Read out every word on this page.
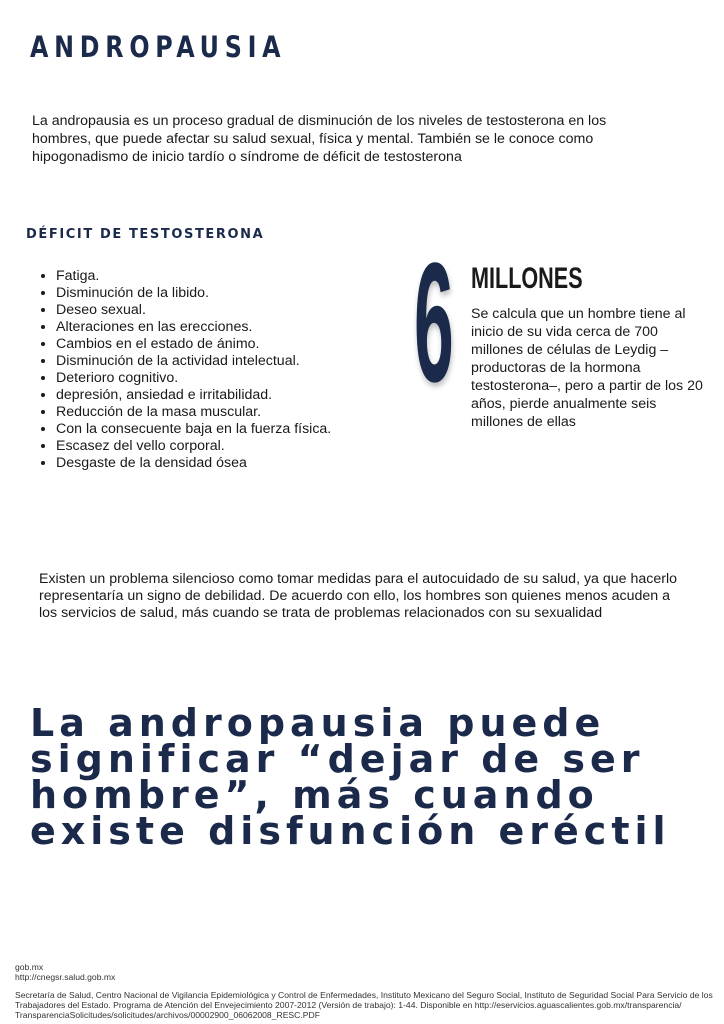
ANDROPAUSIA

La andropausia es un proceso gradual de disminución de los niveles de testosterona en los hombres, que puede afectar su salud sexual, física y mental. También se le conoce como hipogonadismo de inicio tardío o síndrome de déficit de testosterona

DÉFICIT DE TESTOSTERONA
• Fatiga.
• Disminución de la libido.
• Deseo sexual.
• Alteraciones en las erecciones.
• Cambios en el estado de ánimo.
• Disminución de la actividad intelectual.
• Deterioro cognitivo.
• depresión, ansiedad e irritabilidad.
• Reducción de la masa muscular.
• Con la consecuente baja en la fuerza física.
• Escasez del vello corporal.
• Desgaste de la densidad ósea
6 MILLONES

Se calcula que un hombre tiene al inicio de su vida cerca de 700 millones de células de Leydig – productoras de la hormona testosterona–, pero a partir de los 20 años, pierde anualmente seis millones de ellas

Existen un problema silencioso como tomar medidas para el autocuidado de su salud, ya que hacerlo representaría un signo de debilidad. De acuerdo con ello, los hombres son quienes menos acuden a los servicios de salud, más cuando se trata de problemas relacionados con su sexualidad

La andropausia puede significar “dejar de ser hombre”, más cuando existe disfunción eréctil

gob.mx
http://cnegsr.salud.gob.mx
Secretaría de Salud, Centro Nacional de Vigilancia Epidemiológica y Control de Enfermedades, Instituto Mexicano del Seguro Social, Instituto de Seguridad Social Para Servicio de los Trabajadores del Estado. Programa de Atención del Envejecimiento 2007-2012 (Versión de trabajo): 1-44. Disponible en http://eservicios.aguascalientes.gob.mx/transparencia/ TransparenciaSolicitudes/solicitudes/archivos/00002900_06062008_RESC.PDF
